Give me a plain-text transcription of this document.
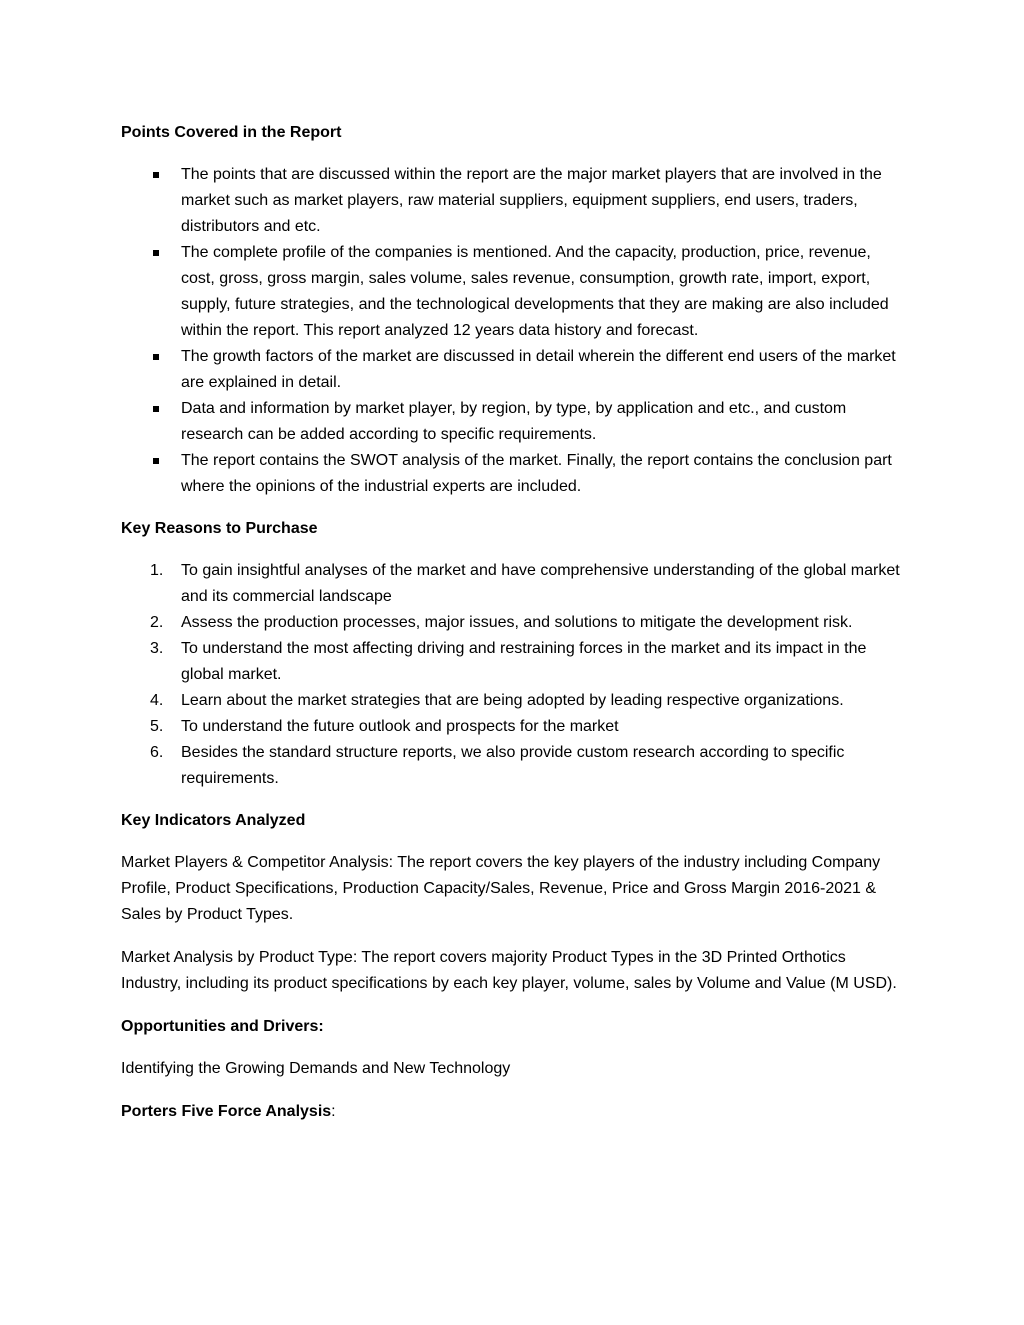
Points Covered in the Report
The points that are discussed within the report are the major market players that are involved in the market such as market players, raw material suppliers, equipment suppliers, end users, traders, distributors and etc.
The complete profile of the companies is mentioned. And the capacity, production, price, revenue, cost, gross, gross margin, sales volume, sales revenue, consumption, growth rate, import, export, supply, future strategies, and the technological developments that they are making are also included within the report. This report analyzed 12 years data history and forecast.
The growth factors of the market are discussed in detail wherein the different end users of the market are explained in detail.
Data and information by market player, by region, by type, by application and etc., and custom research can be added according to specific requirements.
The report contains the SWOT analysis of the market. Finally, the report contains the conclusion part where the opinions of the industrial experts are included.
Key Reasons to Purchase
1. To gain insightful analyses of the market and have comprehensive understanding of the global market and its commercial landscape
2. Assess the production processes, major issues, and solutions to mitigate the development risk.
3. To understand the most affecting driving and restraining forces in the market and its impact in the global market.
4. Learn about the market strategies that are being adopted by leading respective organizations.
5. To understand the future outlook and prospects for the market
6. Besides the standard structure reports, we also provide custom research according to specific requirements.
Key Indicators Analyzed

Market Players & Competitor Analysis: The report covers the key players of the industry including Company Profile, Product Specifications, Production Capacity/Sales, Revenue, Price and Gross Margin 2016-2021 & Sales by Product Types.

Market Analysis by Product Type: The report covers majority Product Types in the 3D Printed Orthotics Industry, including its product specifications by each key player, volume, sales by Volume and Value (M USD).

Opportunities and Drivers:

Identifying the Growing Demands and New Technology

Porters Five Force Analysis:
